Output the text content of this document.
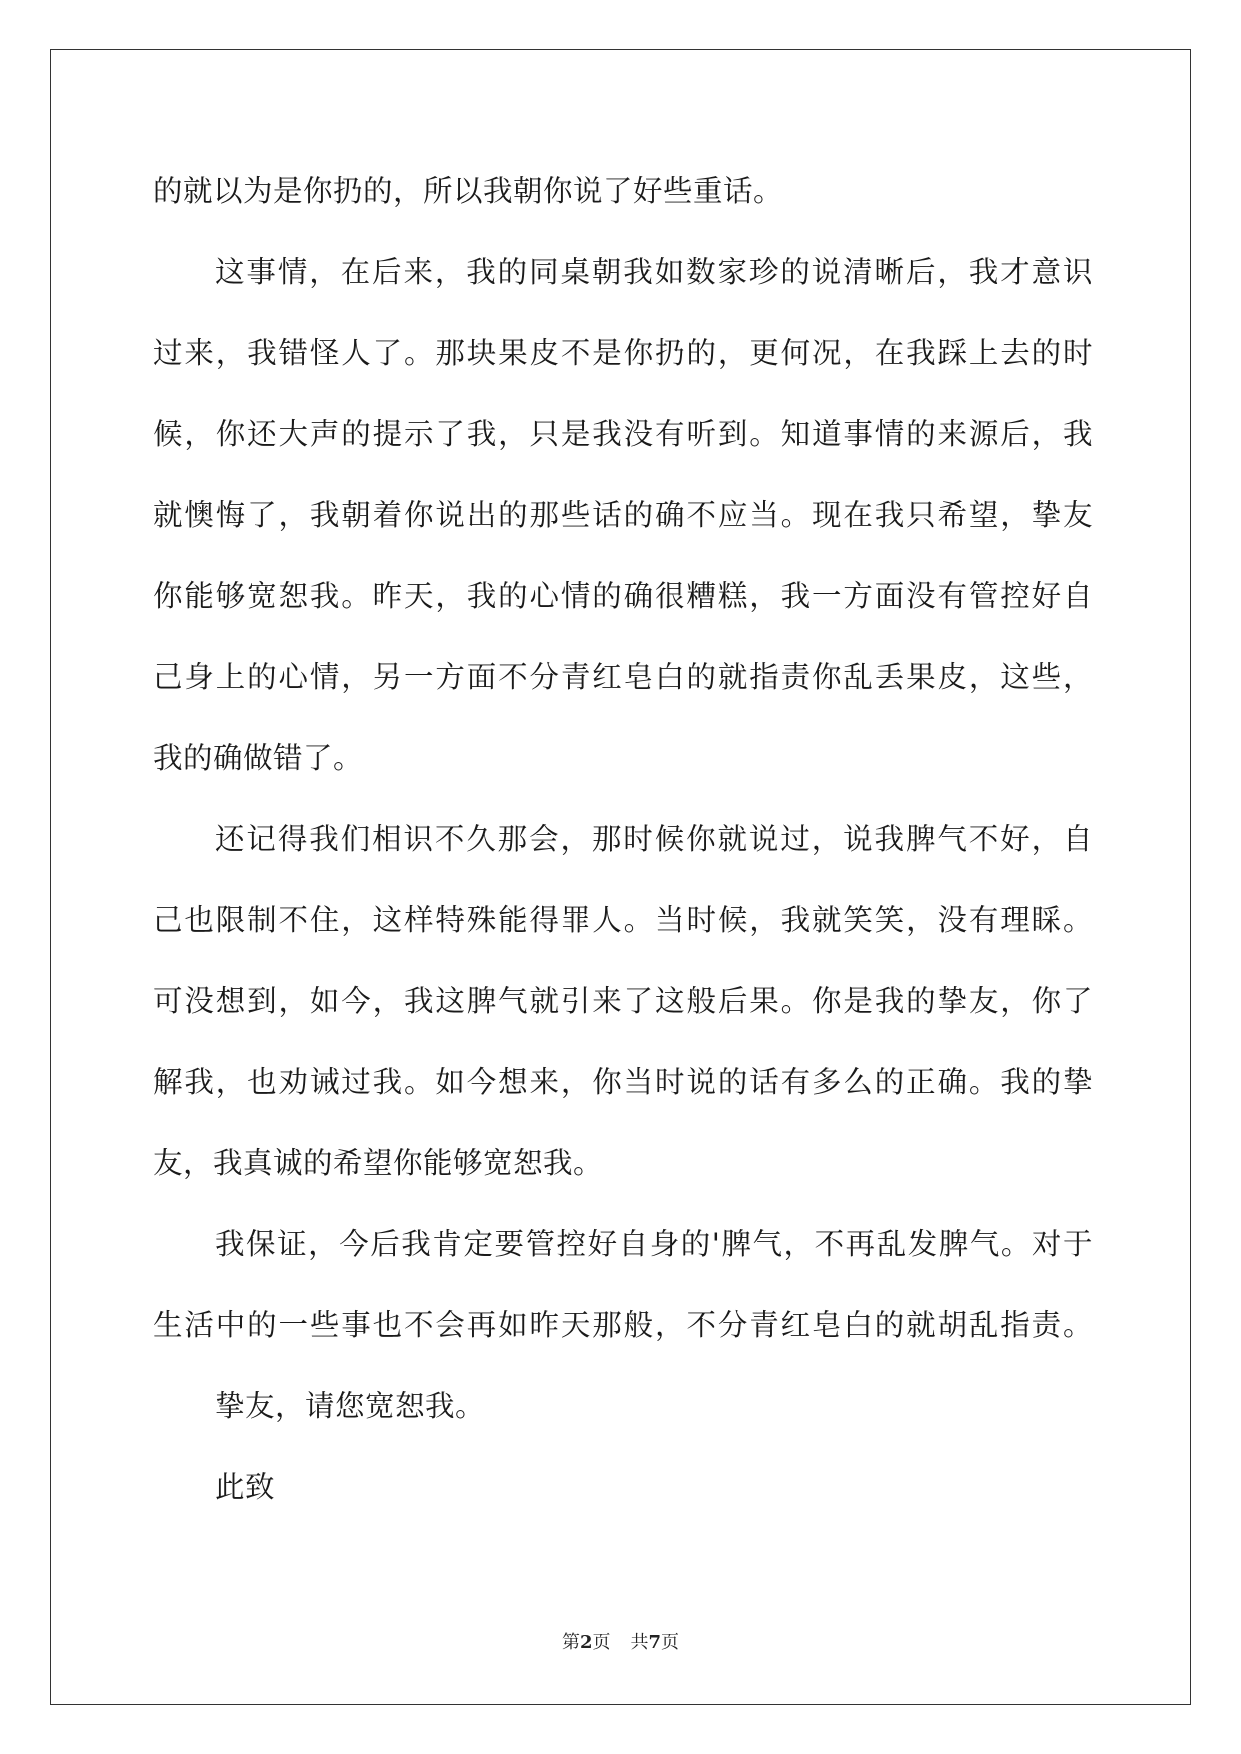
的就以为是你扔的，所以我朝你说了好些重话。
这事情，在后来，我的同桌朝我如数家珍的说清晰后，我才意识
过来，我错怪人了。那块果皮不是你扔的，更何况，在我踩上去的时
候，你还大声的提示了我，只是我没有听到。知道事情的来源后，我
就懊悔了，我朝着你说出的那些话的确不应当。现在我只希望，挚友
你能够宽恕我。昨天，我的心情的确很糟糕，我一方面没有管控好自
己身上的心情，另一方面不分青红皂白的就指责你乱丢果皮，这些，
我的确做错了。
还记得我们相识不久那会，那时候你就说过，说我脾气不好，自
己也限制不住，这样特殊能得罪人。当时候，我就笑笑，没有理睬。
可没想到，如今，我这脾气就引来了这般后果。你是我的挚友，你了
解我，也劝诫过我。如今想来，你当时说的话有多么的正确。我的挚
友，我真诚的希望你能够宽恕我。
我保证，今后我肯定要管控好自身的'脾气，不再乱发脾气。对于
生活中的一些事也不会再如昨天那般，不分青红皂白的就胡乱指责。
挚友，请您宽恕我。
此致
第2页 共7页
